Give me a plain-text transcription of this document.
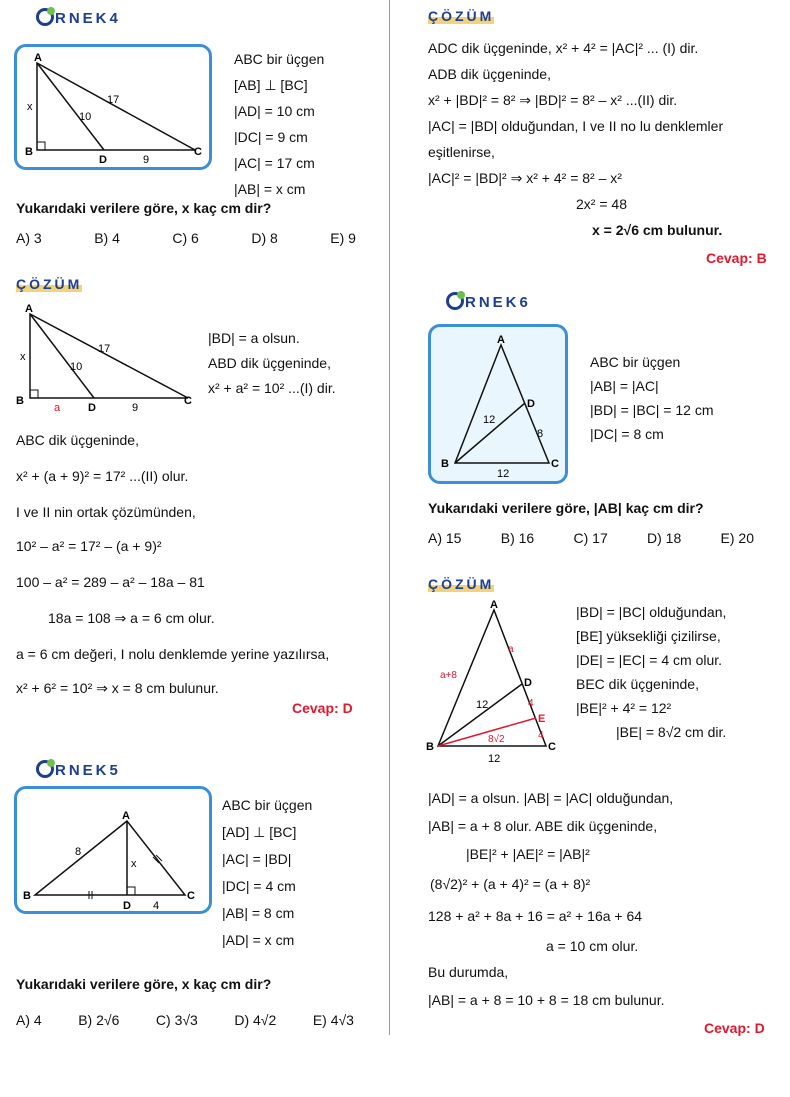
RNEK4
A
B	C
D
x
10
17
9
ABC bir üçgen
[AB] ⊥ [BC]
|AD| = 10 cm
|DC| = 9 cm
|AC| = 17 cm
|AB| = x cm
Yukarıdaki verilere göre, x kaç cm dir?
A) 3	B) 4	C) 6	D) 8	E) 9
ÇÖZÜM
A
B	C
D
x
10
17
a	9
|BD| = a olsun.
ABD dik üçgeninde,
x² + a² = 10² ...(I) dir.
ABC dik üçgeninde,
x² + (a + 9)² = 17² ...(II) olur.
I ve II nin ortak çözümünden,
10² – a² = 17² – (a + 9)²
100 – a² = 289 – a² – 18a – 81
18a = 108 ⇒ a = 6 cm olur.
a = 6 cm değeri, I nolu denklemde yerine yazılırsa,
x² + 6² = 10² ⇒ x = 8 cm bulunur.
Cevap: D
RNEK5
A
B	C
D
x
8
4
ABC bir üçgen
[AD] ⊥ [BC]
|AC| = |BD|
|DC| = 4 cm
|AB| = 8 cm
|AD| = x cm
Yukarıdaki verilere göre, x kaç cm dir?
A) 4	B) 2√6	C) 3√3	D) 4√2	E) 4√3
ÇÖZÜM
ADC dik üçgeninde, x² + 4² = |AC|² ... (I) dir.
ADB dik üçgeninde,
x² + |BD|² = 8² ⇒ |BD|² = 8² – x² ...(II) dir.
|AC| = |BD| olduğundan, I ve II no lu denklemler
eşitlenirse,
|AC|² = |BD|² ⇒ x² + 4² = 8² – x²
2x² = 48
x = 2√6 cm bulunur.
Cevap: B
RNEK6
A
B	C
D
12
8
12
ABC bir üçgen
|AB| = |AC|
|BD| = |BC| = 12 cm
|DC| = 8 cm
Yukarıdaki verilere göre, |AB| kaç cm dir?
A) 15	B) 16	C) 17	D) 18	E) 20
ÇÖZÜM
A
B	C
D
E
a
a+8
12	4
4
8√2
12
|BD| = |BC| olduğundan,
[BE] yüksekliği çizilirse,
|DE| = |EC| = 4 cm olur.
BEC dik üçgeninde,
|BE|² + 4² = 12²
|BE| = 8√2 cm dir.
|AD| = a olsun. |AB| = |AC| olduğundan,
|AB| = a + 8 olur. ABE dik üçgeninde,
|BE|² + |AE|² = |AB|²
(8√2)² + (a + 4)² = (a + 8)²
128 + a² + 8a + 16 = a² + 16a + 64
a = 10 cm olur.
Bu durumda,
|AB| = a + 8 = 10 + 8 = 18 cm bulunur.
Cevap: D
